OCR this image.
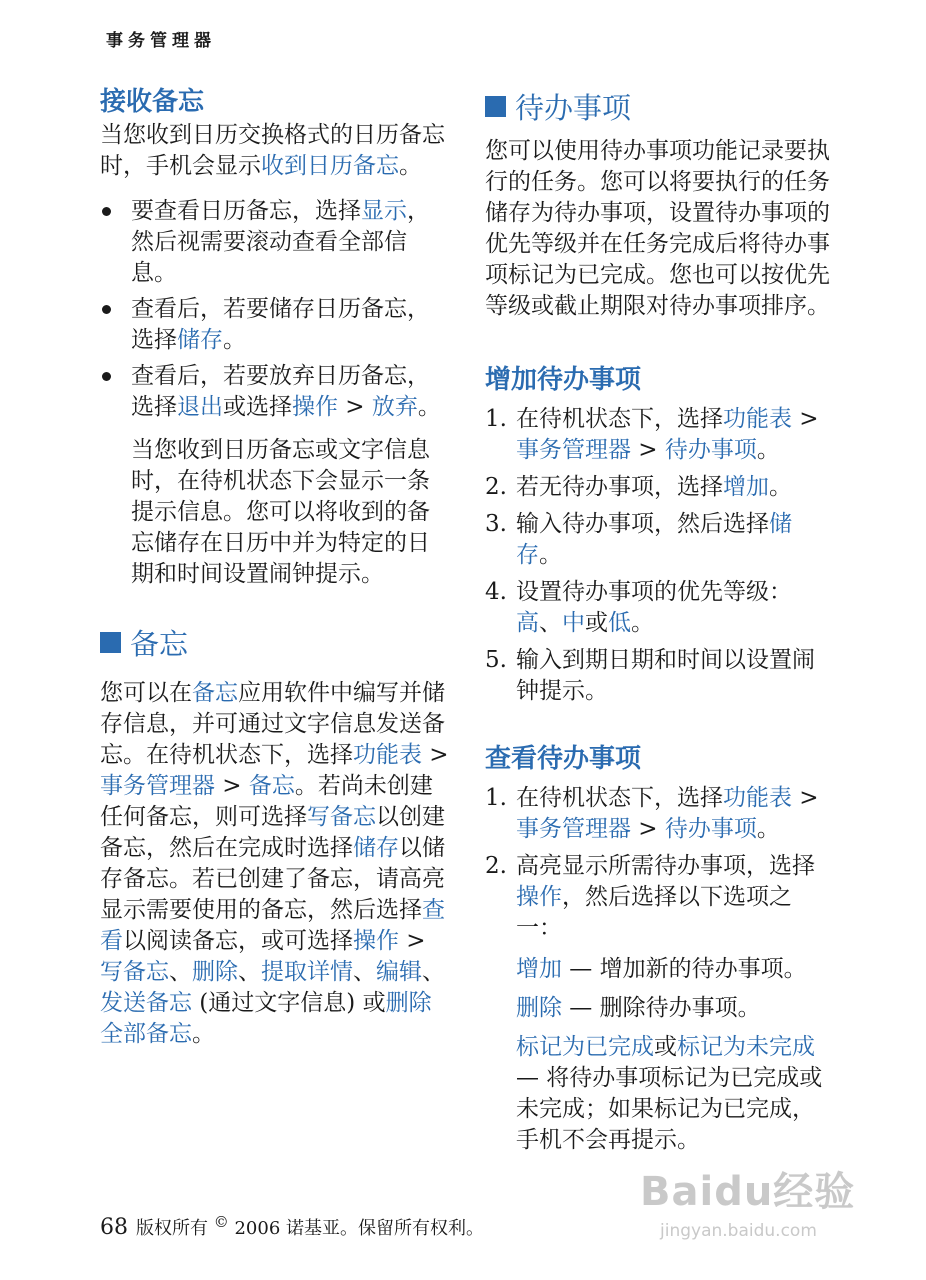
事务管理器
接收备忘

当您收到日历交换格式的日历备忘时，手机会显示收到日历备忘。

要查看日历备忘，选择显示，然后视需要滚动查看全部信息。
查看后，若要储存日历备忘，选择储存。
查看后，若要放弃日历备忘，选择退出或选择操作 > 放弃。

当您收到日历备忘或文字信息时，在待机状态下会显示一条提示信息。您可以将收到的备忘储存在日历中并为特定的日期和时间设置闹钟提示。

备忘

您可以在备忘应用软件中编写并储存信息，并可通过文字信息发送备忘。在待机状态下，选择功能表 > 事务管理器 > 备忘。若尚未创建任何备忘，则可选择写备忘以创建备忘，然后在完成时选择储存以储存备忘。若已创建了备忘，请高亮显示需要使用的备忘，然后选择查看以阅读备忘，或可选择操作 > 写备忘、删除、提取详情、编辑、发送备忘 (通过文字信息) 或删除全部备忘。

待办事项

您可以使用待办事项功能记录要执行的任务。您可以将要执行的任务储存为待办事项，设置待办事项的优先等级并在任务完成后将待办事项标记为已完成。您也可以按优先等级或截止期限对待办事项排序。

增加待办事项
1. 在待机状态下，选择功能表 > 事务管理器 > 待办事项。
2. 若无待办事项，选择增加。
3. 输入待办事项，然后选择储存。
4. 设置待办事项的优先等级：高、中或低。
5. 输入到期日期和时间以设置闹钟提示。
查看待办事项
1. 在待机状态下，选择功能表 > 事务管理器 > 待办事项。
2. 高亮显示所需待办事项，选择操作，然后选择以下选项之一：

增加 — 增加新的待办事项。

删除 — 删除待办事项。

标记为已完成或标记为未完成 — 将待办事项标记为已完成或未完成；如果标记为已完成，手机不会再提示。

68 版权所有 © 2006 诺基亚。保留所有权利。
Baidu经验
jingyan.baidu.com
